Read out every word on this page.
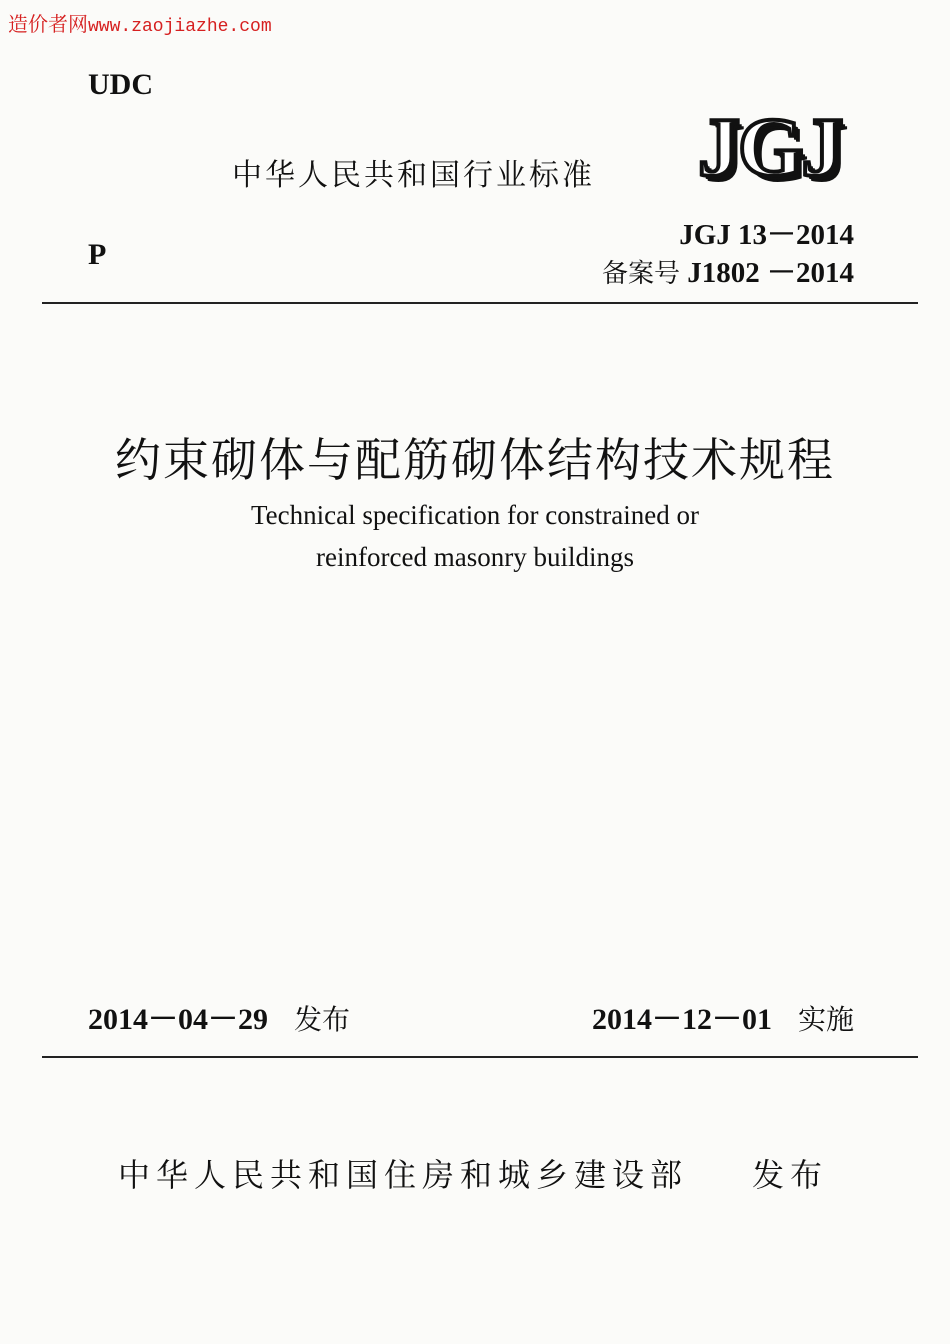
造价者网www.zaojiazhe.com
UDC
中华人民共和国行业标准 JGJ
P
JGJ 13－2014
备案号 J1802 －2014
约束砌体与配筋砌体结构技术规程
Technical specification for constrained or
reinforced masonry buildings
2014－04－29 发布	2014－12－01 实施
中华人民共和国住房和城乡建设部 发布
